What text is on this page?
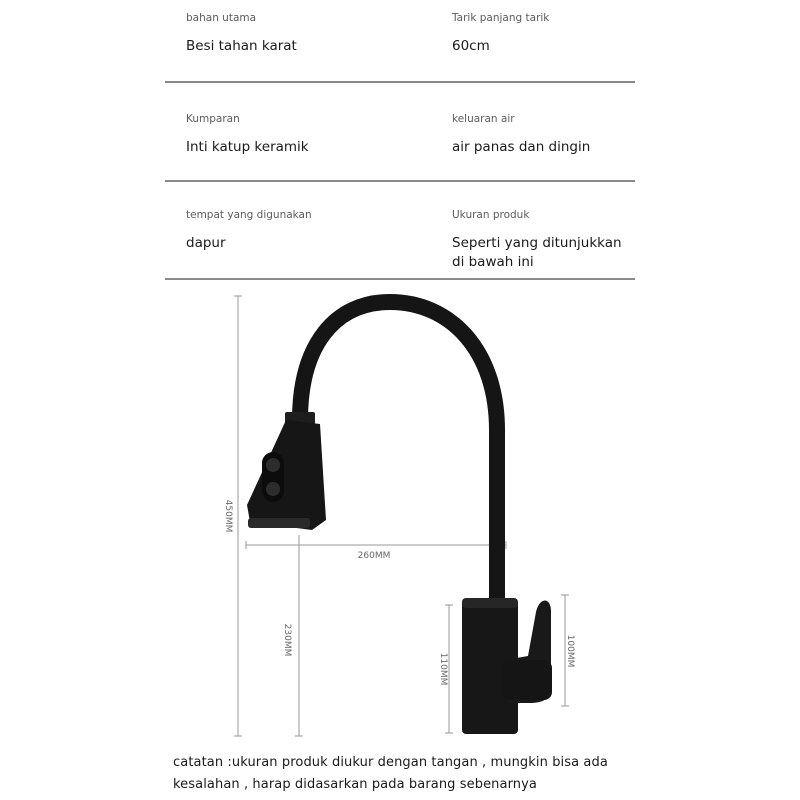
bahan utama
Besi tahan karat
Tarik panjang tarik
60cm
Kumparan
Inti katup keramik
keluaran air
air panas dan dingin
tempat yang digunakan
dapur
Ukuran produk
Seperti yang ditunjukkan
di bawah ini
450MM
260MM
230MM
110MM
100MM
catatan :ukuran produk diukur dengan tangan , mungkin bisa ada
kesalahan , harap didasarkan pada barang sebenarnya
